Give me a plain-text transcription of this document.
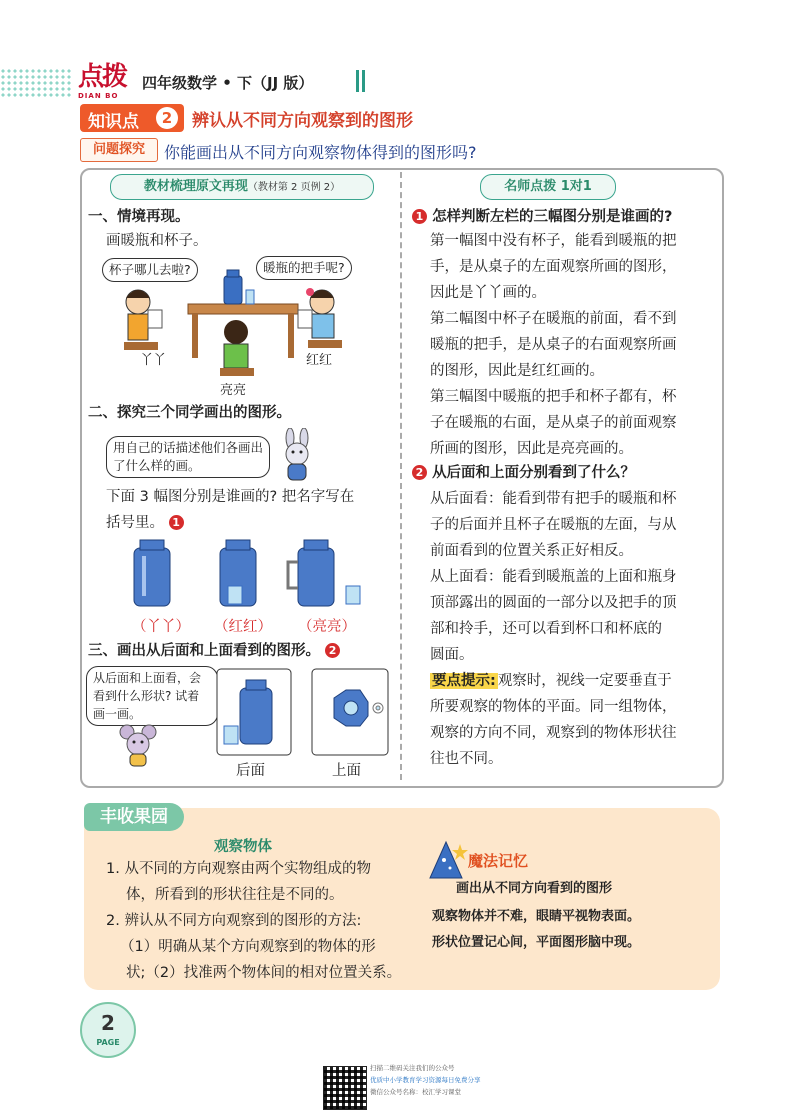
点拨
DIAN BO
四年级数学 • 下（JJ 版）
知识点	2	辨认从不同方向观察到的图形
问题探究	你能画出从不同方向观察物体得到的图形吗?
教材梳理原文再现（教材第 2 页例 2）	名师点拨 1对1
一、情境再现。
画暖瓶和杯子。
杯子哪儿去啦?	暖瓶的把手呢?
丫丫	红红
亮亮
二、探究三个同学画出的图形。
用自己的话描述他们各画出了什么样的画。
下面 3 幅图分别是谁画的? 把名字写在
括号里。 1
（丫丫） （红红） （亮亮）
三、画出从后面和上面看到的图形。 2
从后面和上面看，会看到什么形状? 试着画一画。
后面	上面
1 怎样判断左栏的三幅图分别是谁画的?
第一幅图中没有杯子，能看到暖瓶的把
手，是从桌子的左面观察所画的图形，
因此是丫丫画的。
第二幅图中杯子在暖瓶的前面，看不到
暖瓶的把手，是从桌子的右面观察所画
的图形，因此是红红画的。
第三幅图中暖瓶的把手和杯子都有，杯
子在暖瓶的右面，是从桌子的前面观察
所画的图形，因此是亮亮画的。
2 从后面和上面分别看到了什么？
从后面看：能看到带有把手的暖瓶和杯
子的后面并且杯子在暖瓶的左面，与从
前面看到的位置关系正好相反。
从上面看：能看到暖瓶盖的上面和瓶身
顶部露出的圆面的一部分以及把手的顶
部和拎手，还可以看到杯口和杯底的
圆面。
要点提示: 观察时，视线一定要垂直于
所要观察的物体的平面。同一组物体，
观察的方向不同，观察到的物体形状往
往也不同。
丰收果园
观察物体
1. 从不同的方向观察由两个实物组成的物
体，所看到的形状往往是不同的。
2. 辨认从不同方向观察到的图形的方法:
（1）明确从某个方向观察到的物体的形
状;（2）找准两个物体间的相对位置关系。
魔法记忆
画出从不同方向看到的图形
观察物体并不难，眼睛平视物表面。
形状位置记心间，平面图形脑中现。
2
PAGE
扫描二维码关注我们的公众号
优质中小学教育学习资源每日免费分享
微信公众号名称：校汇学习课堂
